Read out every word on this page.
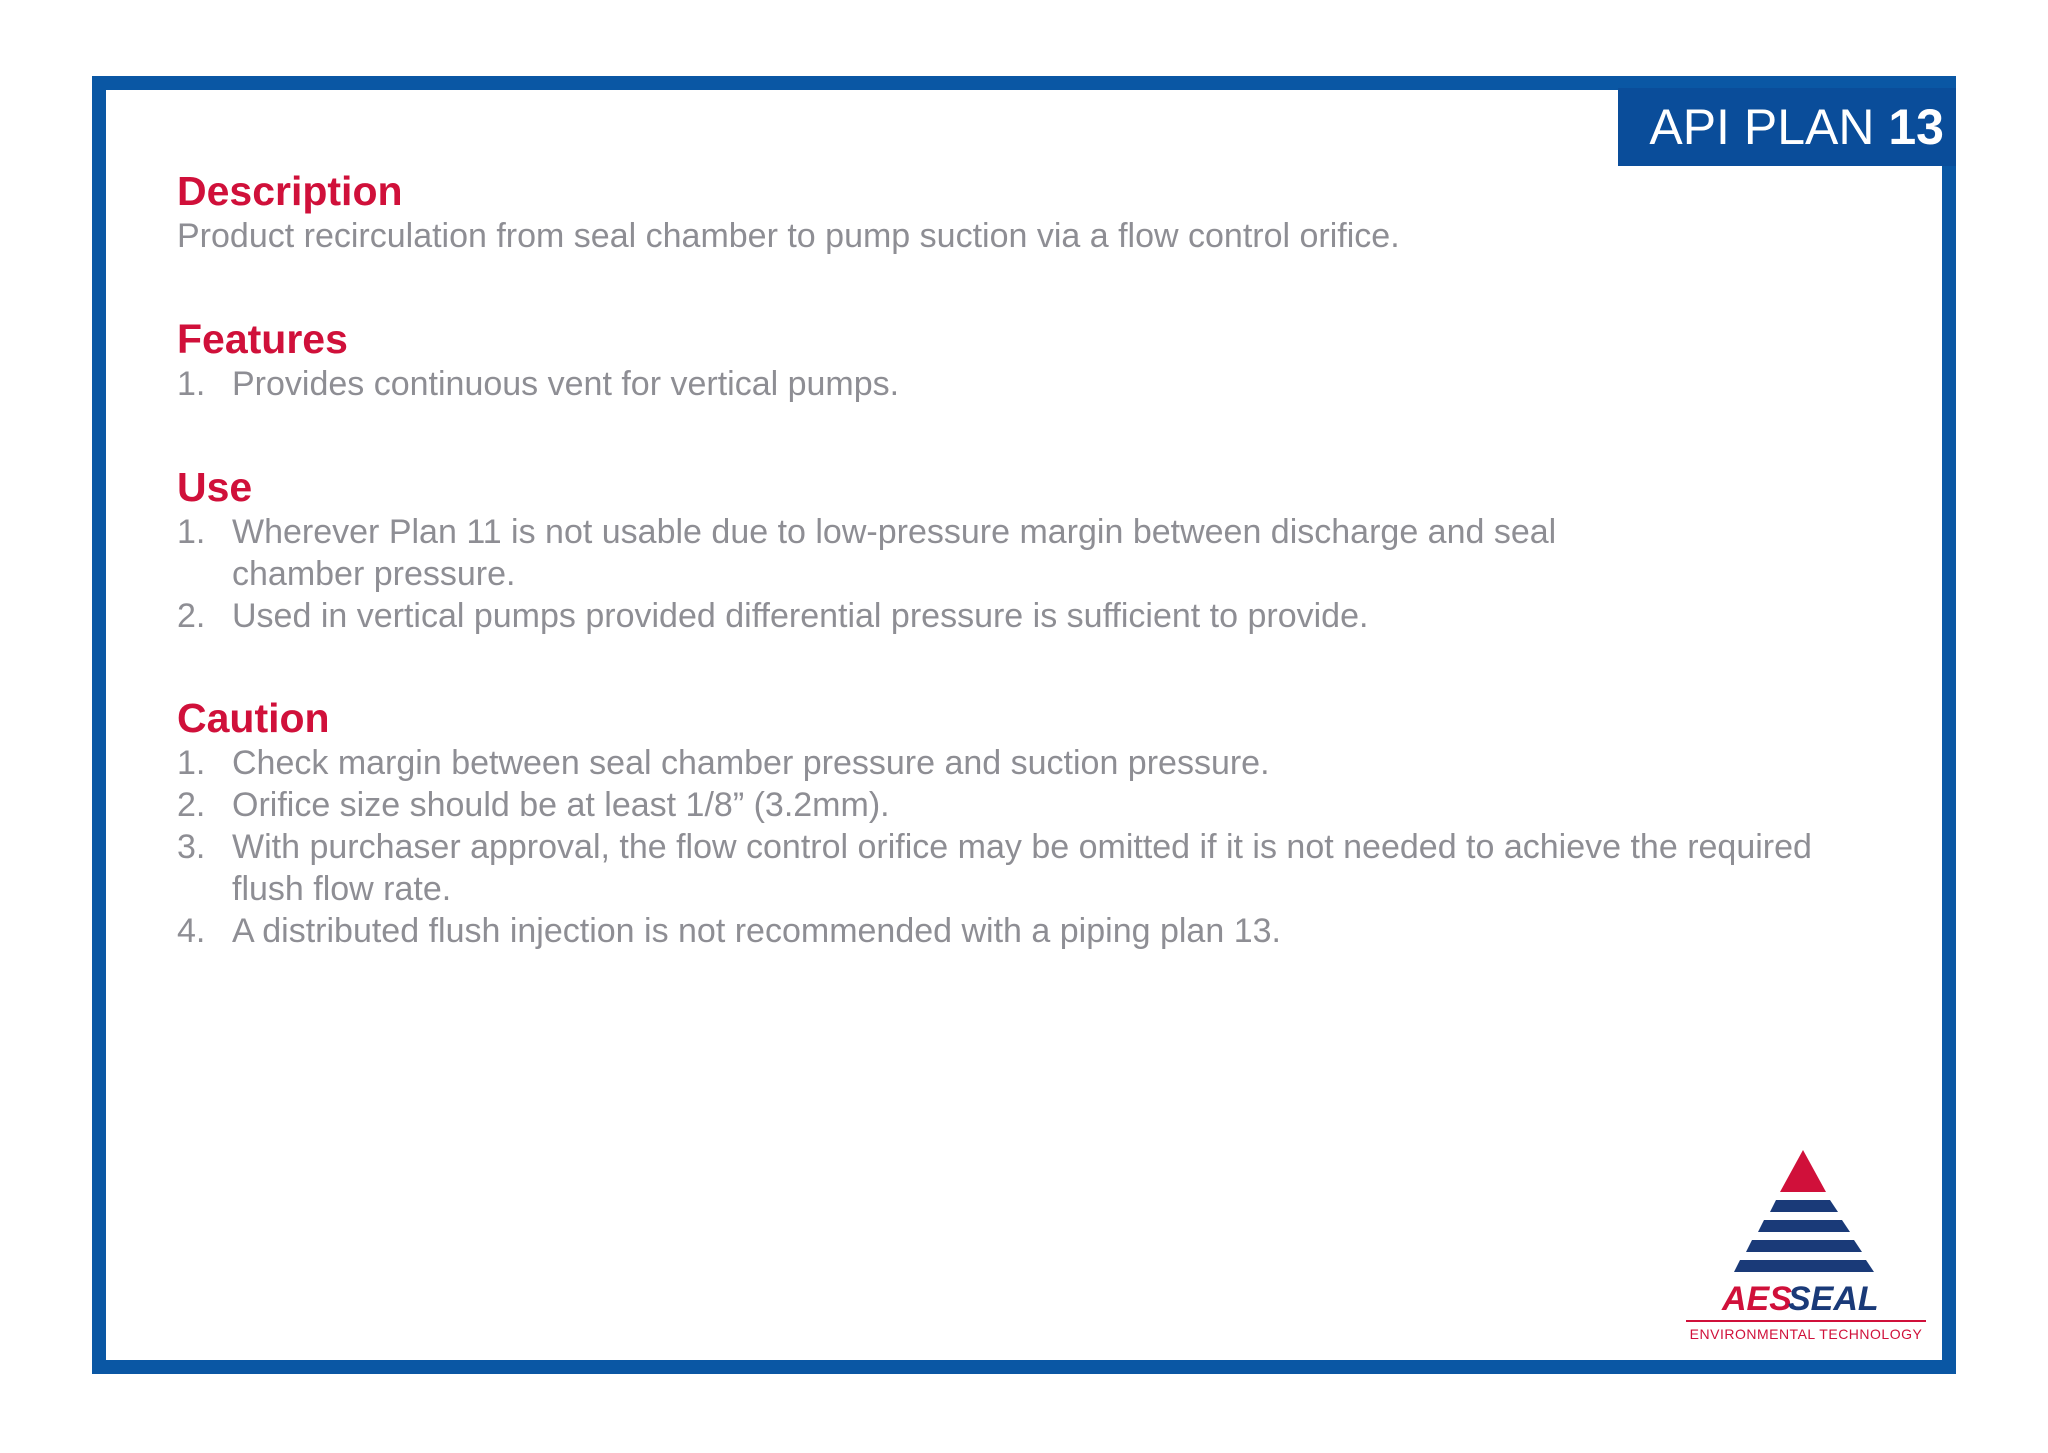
API PLAN 13
Description

Product recirculation from seal chamber to pump suction via a flow control orifice.

Features
1. Provides continuous vent for vertical pumps.
Use
1. Wherever Plan 11 is not usable due to low-pressure margin between discharge and seal chamber pressure.
2. Used in vertical pumps provided differential pressure is sufficient to provide.
Caution
1. Check margin between seal chamber pressure and suction pressure.
2. Orifice size should be at least 1/8” (3.2mm).
3. With purchaser approval, the flow control orifice may be omitted if it is not needed to achieve the required flush flow rate.
4. A distributed flush injection is not recommended with a piping plan 13.
AES
SEAL
ENVIRONMENTAL TECHNOLOGY
